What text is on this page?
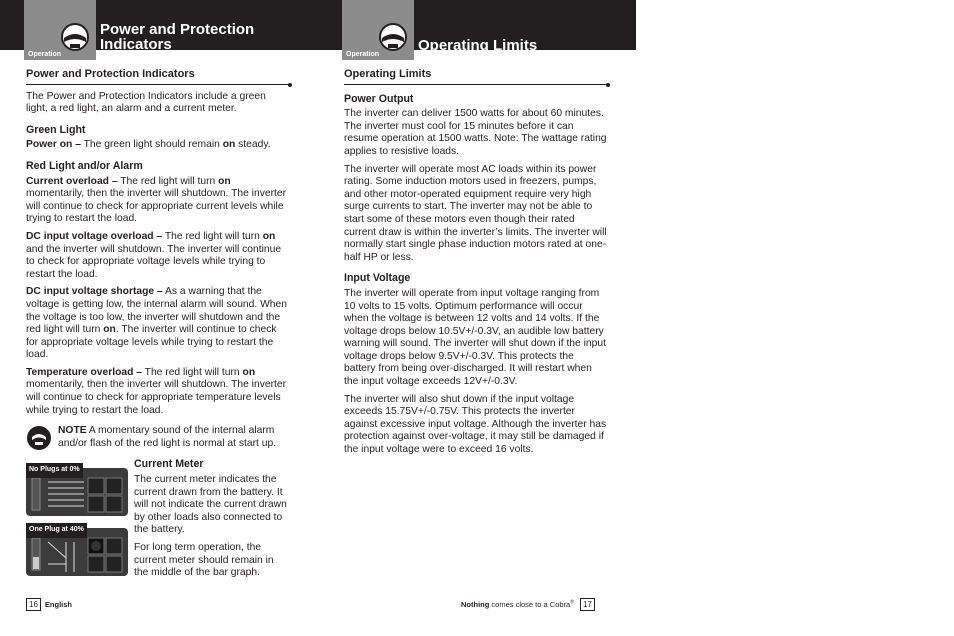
Operation
Power and Protection Indicators
Power and Protection Indicators

The Power and Protection Indicators include a green light, a red light, an alarm and a current meter.

Green Light

Power on – The green light should remain on steady.

Red Light and/or Alarm

Current overload – The red light will turn on momentarily, then the inverter will shutdown. The inverter will continue to check for appropriate current levels while trying to restart the load.

DC input voltage overload – The red light will turn on and the inverter will shutdown. The inverter will continue to check for appropriate voltage levels while trying to restart the load.

DC input voltage shortage – As a warning that the voltage is getting low, the internal alarm will sound. When the voltage is too low, the inverter will shutdown and the red light will turn on. The inverter will continue to check for appropriate voltage levels while trying to restart the load.

Temperature overload – The red light will turn on momentarily, then the inverter will shutdown. The inverter will continue to check for appropriate temperature levels while trying to restart the load.

NOTE A momentary sound of the internal alarm and/or flash of the red light is normal at start up.

No Plugs at 0%
One Plug at 40%
Current Meter

The current meter indicates the current drawn from the battery. It will not indicate the current drawn by other loads also connected to the battery.

For long term operation, the current meter should remain in the middle of the bar graph.

16 English
Operation
Operating Limits
Operating Limits
Power Output

The inverter can deliver 1500 watts for about 60 minutes. The inverter must cool for 15 minutes before it can resume operation at 1500 watts. Note: The wattage rating applies to resistive loads.

The inverter will operate most AC loads within its power rating. Some induction motors used in freezers, pumps, and other motor-operated equipment require very high surge currents to start. The inverter may not be able to start some of these motors even though their rated current draw is within the inverter’s limits. The inverter will normally start single phase induction motors rated at one-half HP or less.

Input Voltage

The inverter will operate from input voltage ranging from 10 volts to 15 volts. Optimum performance will occur when the voltage is between 12 volts and 14 volts. If the voltage drops below 10.5V+/-0.3V, an audible low battery warning will sound. The inverter will shut down if the input voltage drops below 9.5V+/-0.3V. This protects the battery from being over-discharged. It will restart when the input voltage exceeds 12V+/-0.3V.

The inverter will also shut down if the input voltage exceeds 15.75V+/-0.75V. This protects the inverter against excessive input voltage. Although the inverter has protection against over-voltage, it may still be damaged if the input voltage were to exceed 16 volts.

Nothing comes close to a Cobra® 17
